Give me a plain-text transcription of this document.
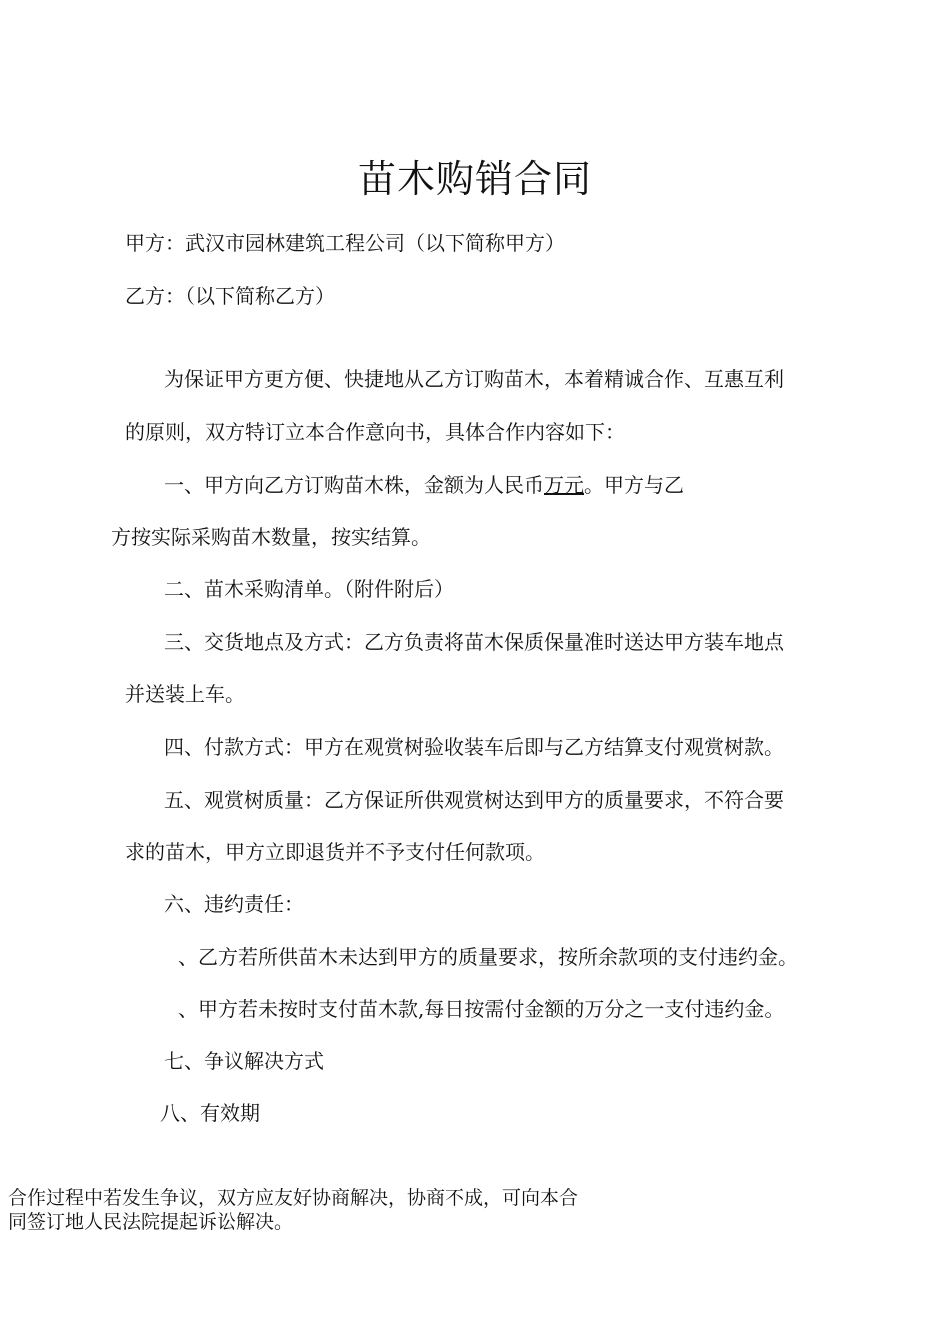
苗木购销合同

甲方：武汉市园林建筑工程公司（以下简称甲方）

乙方：（以下简称乙方）

为保证甲方更方便、快捷地从乙方订购苗木，本着精诚合作、互惠互利

的原则，双方特订立本合作意向书，具体合作内容如下：

一、甲方向乙方订购苗木株，金额为人民币万元。甲方与乙

方按实际采购苗木数量，按实结算。

二、苗木采购清单。（附件附后）

三、交货地点及方式：乙方负责将苗木保质保量准时送达甲方装车地点

并送装上车。

四、付款方式：甲方在观赏树验收装车后即与乙方结算支付观赏树款。

五、观赏树质量：乙方保证所供观赏树达到甲方的质量要求，不符合要

求的苗木，甲方立即退货并不予支付任何款项。

六、违约责任：

、乙方若所供苗木未达到甲方的质量要求，按所余款项的支付违约金。

、甲方若未按时支付苗木款,每日按需付金额的万分之一支付违约金。

七、争议解决方式

八、有效期

合作过程中若发生争议，双方应友好协商解决，协商不成，可向本合

同签订地人民法院提起诉讼解决。
